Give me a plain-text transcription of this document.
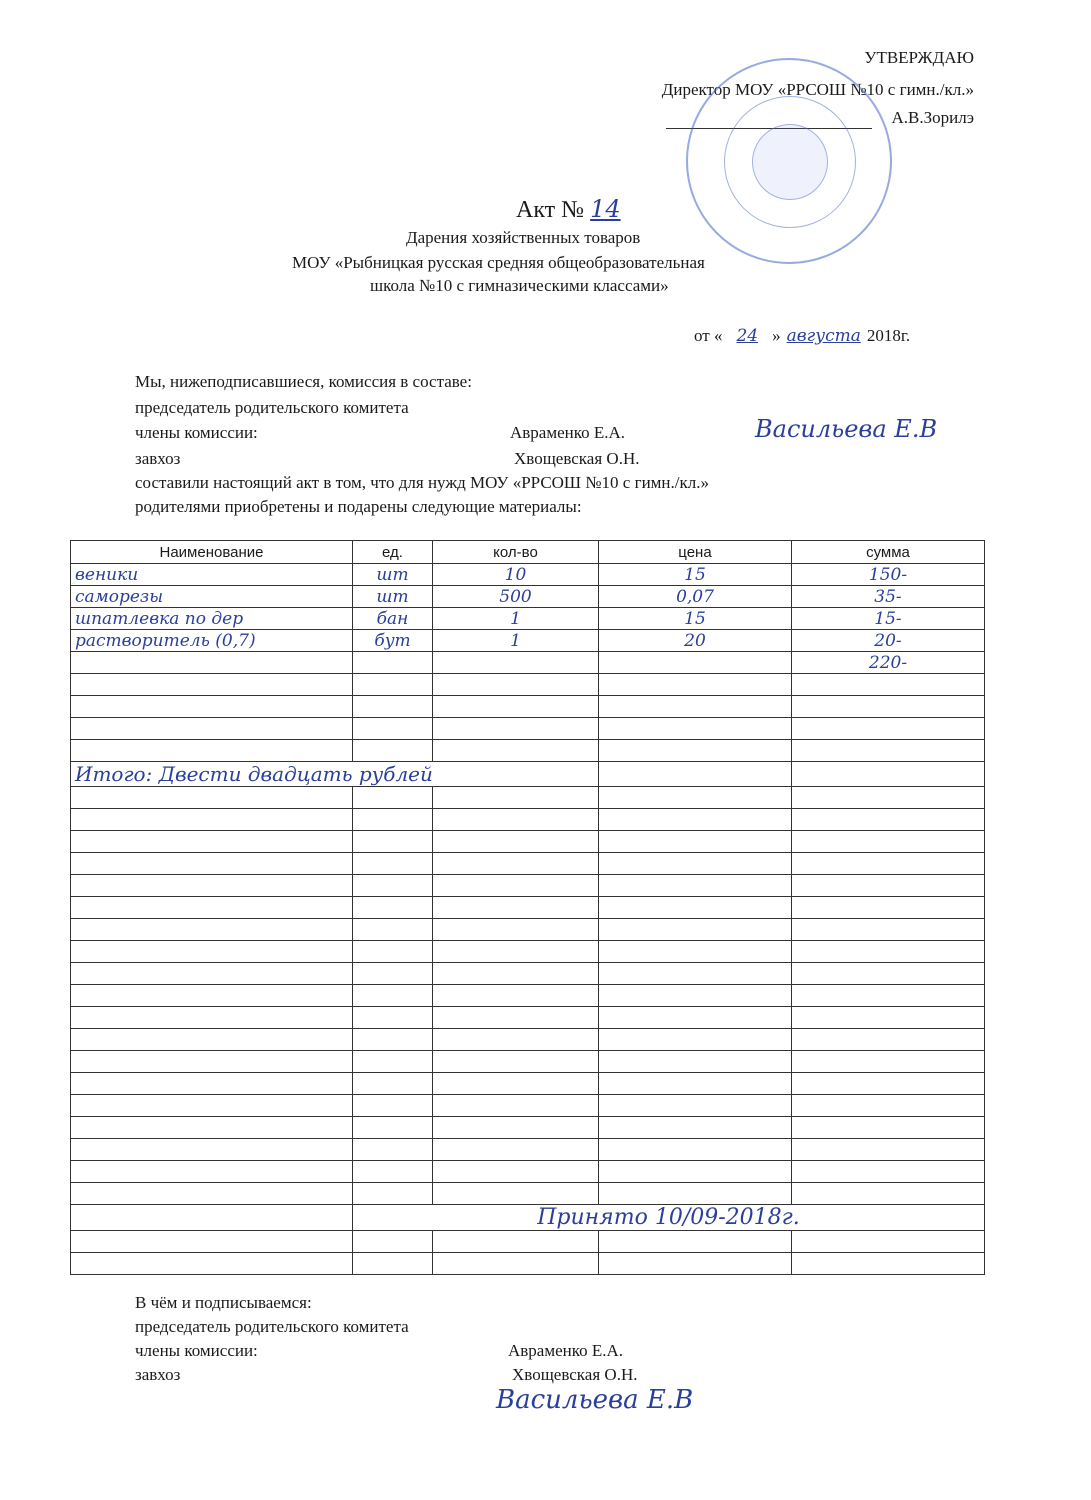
УТВЕРЖДАЮ
Директор МОУ «РРСОШ №10 с гимн./кл.»
А.В.Зорилэ
Акт № 14
Дарения хозяйственных товаров
МОУ «Рыбницкая русская средняя общеобразовательная
школа №10 с гимназическими классами»
от « 24 » августа 2018г.
Мы, нижеподписавшиеся, комиссия в составе:
председатель родительского комитета
члены комиссии:	Авраменко Е.А.	Васильева Е.В
завхоз	Хвощевская О.Н.
составили настоящий акт в том, что для нужд МОУ «РРСОШ №10 с гимн./кл.»
родителями приобретены и подарены следующие материалы:
Наименование	ед.	кол-во	цена	сумма
веники	шт	10	15	150-
саморезы	шт	500	0,07	35-
шпатлевка по дер	бан	1	15	15-
растворитель (0,7)	бут	1	20	20-
				220-

Итого: Двести двадцать рублей				

	Принято 10/09-2018г.			

В чём и подписываемся:
председатель родительского комитета
члены комиссии:	Авраменко Е.А.
завхоз	Хвощевская О.Н.
Васильева Е.В
